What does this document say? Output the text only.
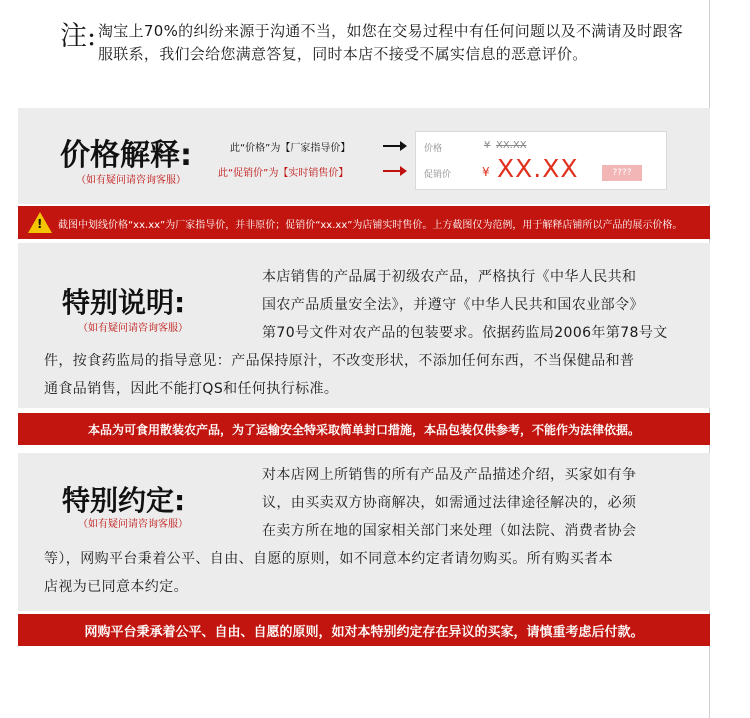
注: 淘宝上70%的纠纷来源于沟通不当，如您在交易过程中有任何问题以及不满请及时跟客服联系，我们会给您满意答复，同时本店不接受不属实信息的恶意评价。
价格解释:
（如有疑问请咨询客服）
此“价格”为【厂家指导价】
此“促销价”为【实时销售价】
价格	¥ XX.XX
促销价	¥ XX.XX	????
! 截图中划线价格“xx.xx”为厂家指导价，并非原价；促销价“xx.xx”为店铺实时售价。上方截图仅为范例，用于解释店铺所以产品的展示价格。
特别说明:
（如有疑问请咨询客服）
本店销售的产品属于初级农产品，严格执行《中华人民共和
国农产品质量安全法》，并遵守《中华人民共和国农业部令》
第70号文件对农产品的包装要求。依据药监局2006年第78号文
件，按食药监局的指导意见：产品保持原汁，不改变形状，不添加任何东西，不当保健品和普
通食品销售，因此不能打QS和任何执行标准。
本品为可食用散装农产品，为了运输安全特采取简单封口措施，本品包装仅供参考，不能作为法律依据。
特别约定:
（如有疑问请咨询客服）
对本店网上所销售的所有产品及产品描述介绍，买家如有争
议，由买卖双方协商解决，如需通过法律途径解决的，必须
在卖方所在地的国家相关部门来处理（如法院、消费者协会
等），网购平台秉着公平、自由、自愿的原则，如不同意本约定者请勿购买。所有购买者本
店视为已同意本约定。
网购平台秉承着公平、自由、自愿的原则，如对本特别约定存在异议的买家，请慎重考虑后付款。
